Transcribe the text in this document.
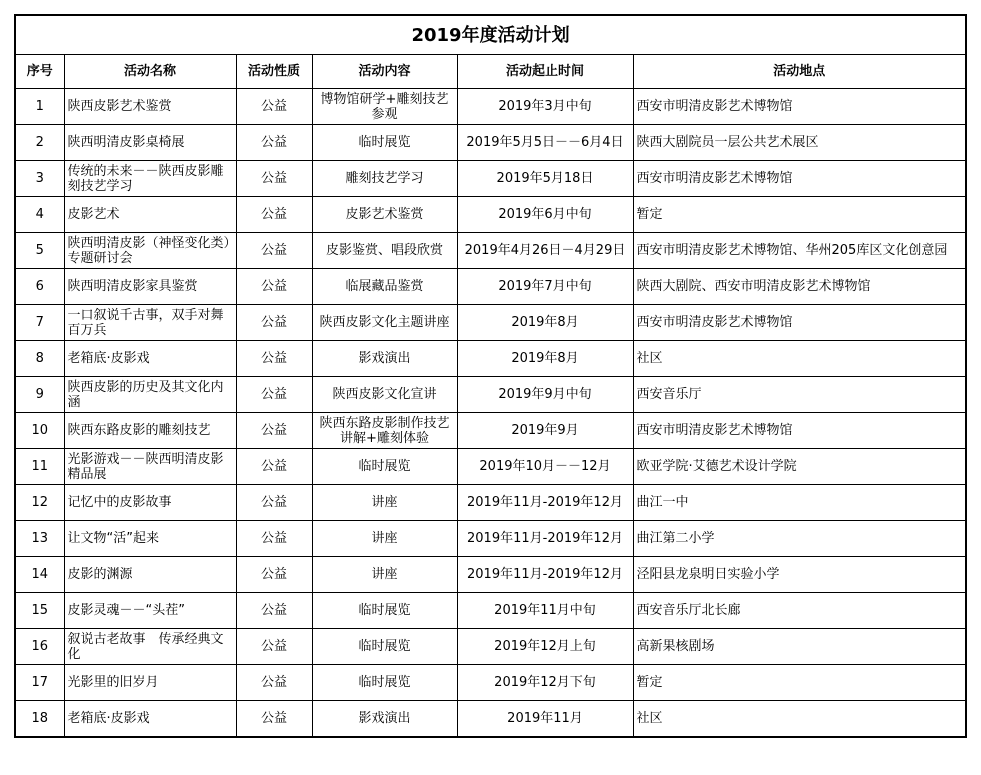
2019年度活动计划					
序号	活动名称	活动性质	活动内容	活动起止时间	活动地点
1	陕西皮影艺术鉴赏	公益	博物馆研学+雕刻技艺参观	2019年3月中旬	西安市明清皮影艺术博物馆
2	陕西明清皮影桌椅展	公益	临时展览	2019年5月5日－－6月4日	陕西大剧院员一层公共艺术展区
3	传统的未来－－陕西皮影雕刻技艺学习	公益	雕刻技艺学习	2019年5月18日	西安市明清皮影艺术博物馆
4	皮影艺术	公益	皮影艺术鉴赏	2019年6月中旬	暂定
5	陕西明清皮影（神怪变化类）专题研讨会	公益	皮影鉴赏、唱段欣赏	2019年4月26日－4月29日	西安市明清皮影艺术博物馆、华州205库区文化创意园
6	陕西明清皮影家具鉴赏	公益	临展藏品鉴赏	2019年7月中旬	陕西大剧院、西安市明清皮影艺术博物馆
7	一口叙说千古事，双手对舞百万兵	公益	陕西皮影文化主题讲座	2019年8月	西安市明清皮影艺术博物馆
8	老箱底·皮影戏	公益	影戏演出	2019年8月	社区
9	陕西皮影的历史及其文化内涵	公益	陕西皮影文化宣讲	2019年9月中旬	西安音乐厅
10	陕西东路皮影的雕刻技艺	公益	陕西东路皮影制作技艺讲解+雕刻体验	2019年9月	西安市明清皮影艺术博物馆
11	光影游戏－－陕西明清皮影精品展	公益	临时展览	2019年10月－－12月	欧亚学院·艾德艺术设计学院
12	记忆中的皮影故事	公益	讲座	2019年11月-2019年12月	曲江一中
13	让文物“活”起来	公益	讲座	2019年11月-2019年12月	曲江第二小学
14	皮影的渊源	公益	讲座	2019年11月-2019年12月	泾阳县龙泉明日实验小学
15	皮影灵魂－－“头茬”	公益	临时展览	2019年11月中旬	西安音乐厅北长廊
16	叙说古老故事　传承经典文化	公益	临时展览	2019年12月上旬	高新果核剧场
17	光影里的旧岁月	公益	临时展览	2019年12月下旬	暂定
18	老箱底·皮影戏	公益	影戏演出	2019年11月	社区
